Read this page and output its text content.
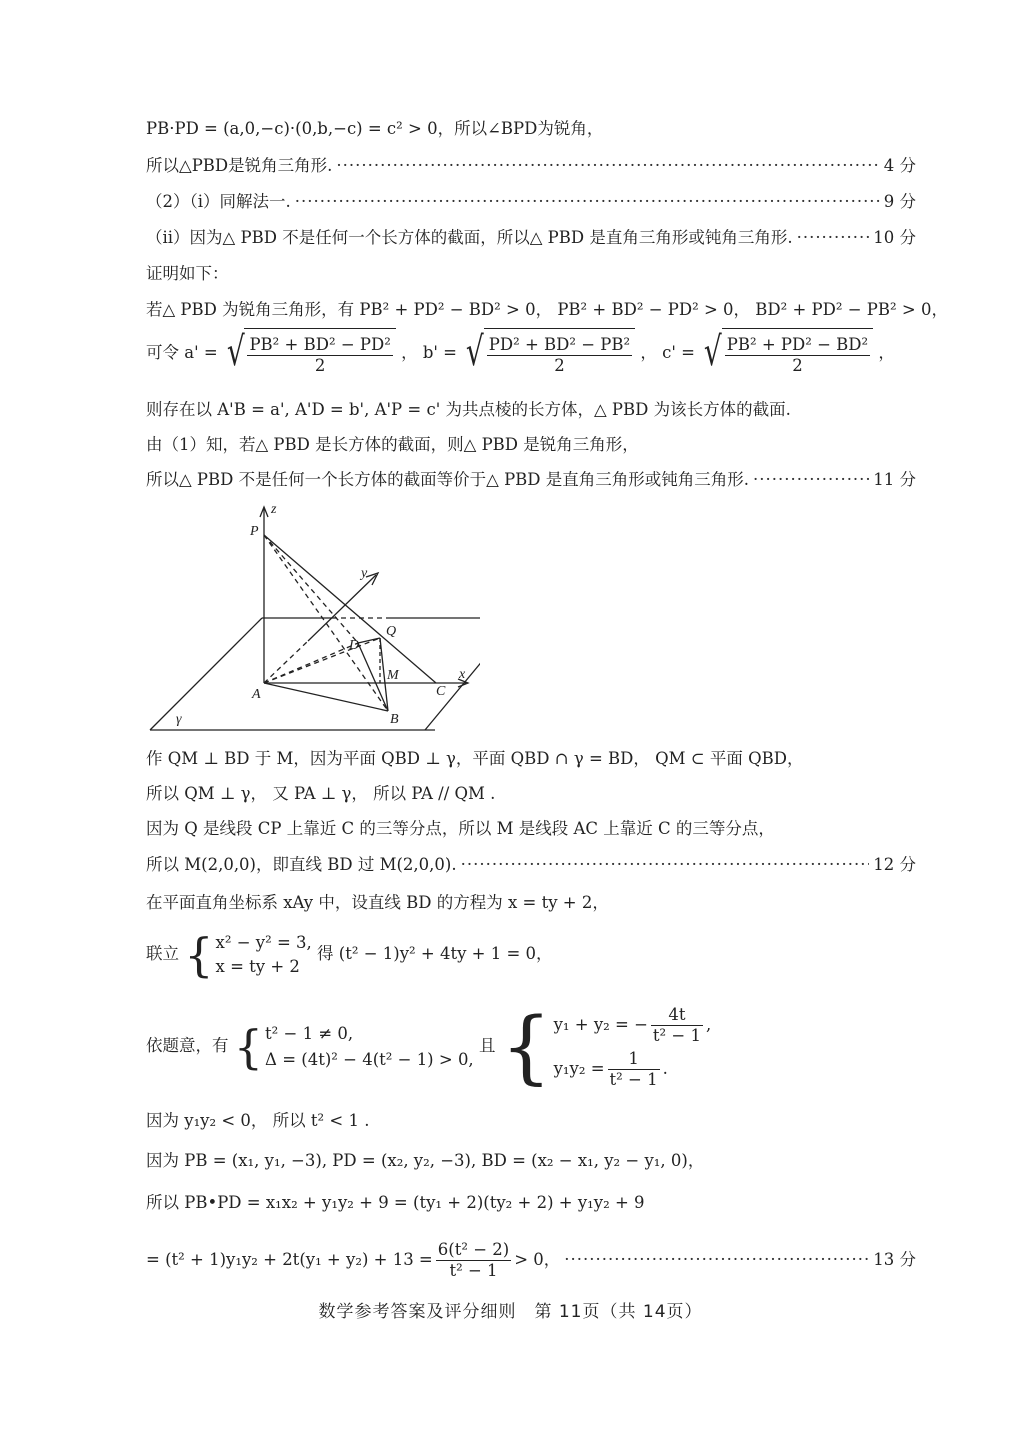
PB·PD = (a,0,−c)·(0,b,−c) = c² > 0，所以∠BPD为锐角，
所以△PBD是锐角三角形. ·····	4 分
（2）（i）同解法一. ·····	9 分
（ii）因为△ PBD 不是任何一个长方体的截面，所以△ PBD 是直角三角形或钝角三角形. ·····	10 分
证明如下：
若△ PBD 为锐角三角形，有 PB² + PD² − BD² > 0， PB² + BD² − PD² > 0， BD² + PD² − PB² > 0，
可令 a' = √ $\frac{\text{PB² + BD² − PD²}}{2}$ ， b' = √ $\frac{\text{PD² + BD² − PB²}}{2}$ ， c' = √ $\frac{\text{PB² + PD² − BD²}}{2}$ ，
则存在以 A'B = a', A'D = b', A'P = c' 为共点棱的长方体，△ PBD 为该长方体的截面.
由（1）知，若△ PBD 是长方体的截面，则△ PBD 是锐角三角形，
所以△ PBD 不是任何一个长方体的截面等价于△ PBD 是直角三角形或钝角三角形. ·····	11 分
z
P
y
Q
D
M	x
A	C
B
γ
作 QM ⊥ BD 于 M，因为平面 QBD ⊥ γ，平面 QBD ∩ γ = BD， QM ⊂ 平面 QBD，
所以 QM ⊥ γ， 又 PA ⊥ γ， 所以 PA // QM .
因为 Q 是线段 CP 上靠近 C 的三等分点，所以 M 是线段 AC 上靠近 C 的三等分点，
所以 M(2,0,0)，即直线 BD 过 M(2,0,0). ·····	12 分
在平面直角坐标系 xAy 中，设直线 BD 的方程为 x = ty + 2，
联立 { x² − y² = 3,
x = ty + 2
得 (t² − 1)y² + 4ty + 1 = 0，
依题意，有 { t² − 1 ≠ 0,
Δ = (4t)² − 4(t² − 1) > 0,
且 { y₁ + y₂ = − $\frac{4t}{\text{t² − 1}}$ ,
$y_1y_2 = \frac{1}{\text{t² − 1}}$ .
因为 y₁y₂ < 0， 所以 t² < 1 .
因为 PB = (x₁, y₁, −3), PD = (x₂, y₂, −3), BD = (x₂ − x₁, y₂ − y₁, 0)，
所以 PB•PD = x₁x₂ + y₁y₂ + 9 = (ty₁ + 2)(ty₂ + 2) + y₁y₂ + 9
= $(t^2 + 1)y_1y_2 + 2t(y_1 + y_2) + 13 = \frac{\text{6(t² − 2)}}{\text{t² − 1}} > 0$， ·····	13 分
数学参考答案及评分细则　第 11页（共 14页）
